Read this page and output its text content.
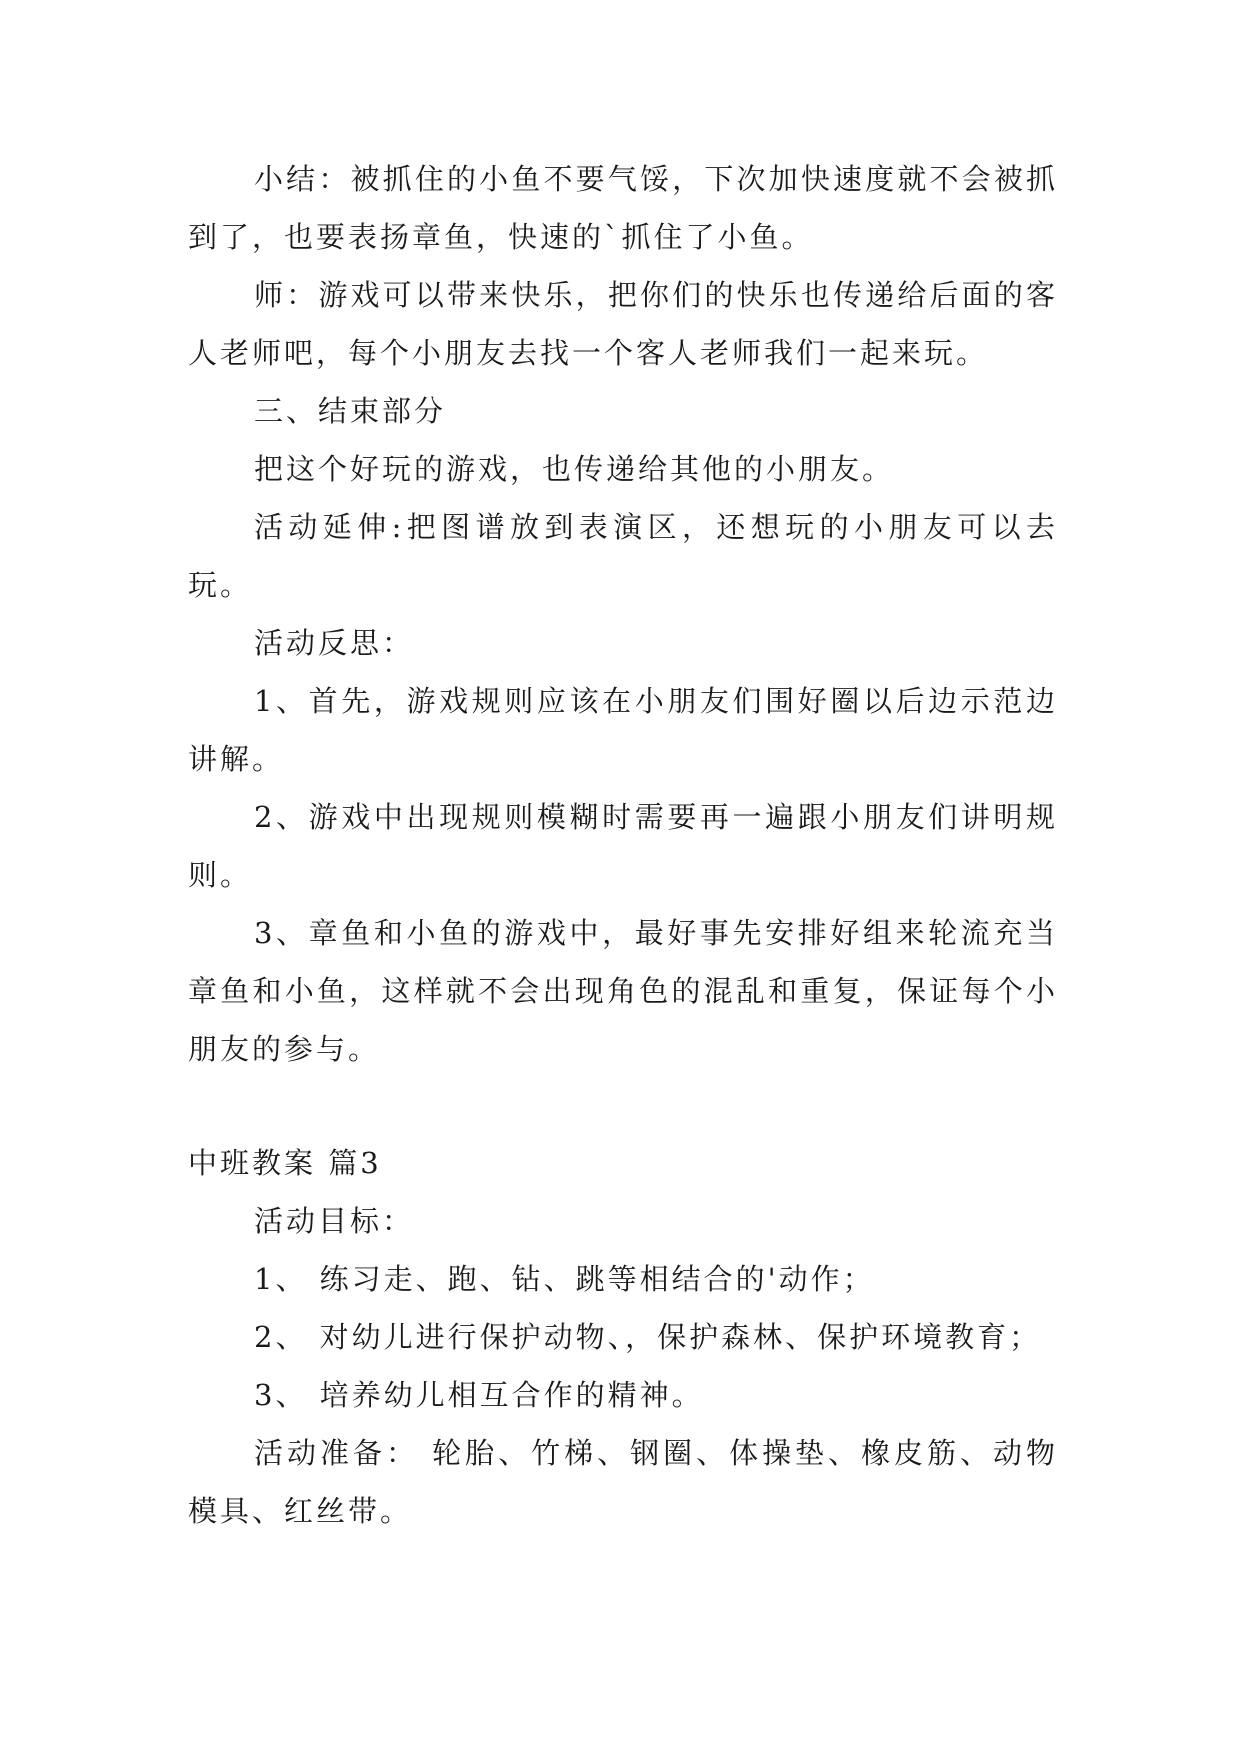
小结：被抓住的小鱼不要气馁，下次加快速度就不会被抓到了，也要表扬章鱼，快速的`抓住了小鱼。

师：游戏可以带来快乐，把你们的快乐也传递给后面的客人老师吧，每个小朋友去找一个客人老师我们一起来玩。

三、结束部分

把这个好玩的游戏，也传递给其他的小朋友。

活动延伸:把图谱放到表演区，还想玩的小朋友可以去玩。

活动反思：

1、首先，游戏规则应该在小朋友们围好圈以后边示范边讲解。

2、游戏中出现规则模糊时需要再一遍跟小朋友们讲明规则。

3、章鱼和小鱼的游戏中，最好事先安排好组来轮流充当章鱼和小鱼，这样就不会出现角色的混乱和重复，保证每个小朋友的参与。

中班教案 篇3

活动目标：

1、 练习走、跑、钻、跳等相结合的'动作；

2、 对幼儿进行保护动物、，保护森林、保护环境教育；

3、 培养幼儿相互合作的精神。

活动准备： 轮胎、竹梯、钢圈、体操垫、橡皮筋、动物模具、红丝带。
